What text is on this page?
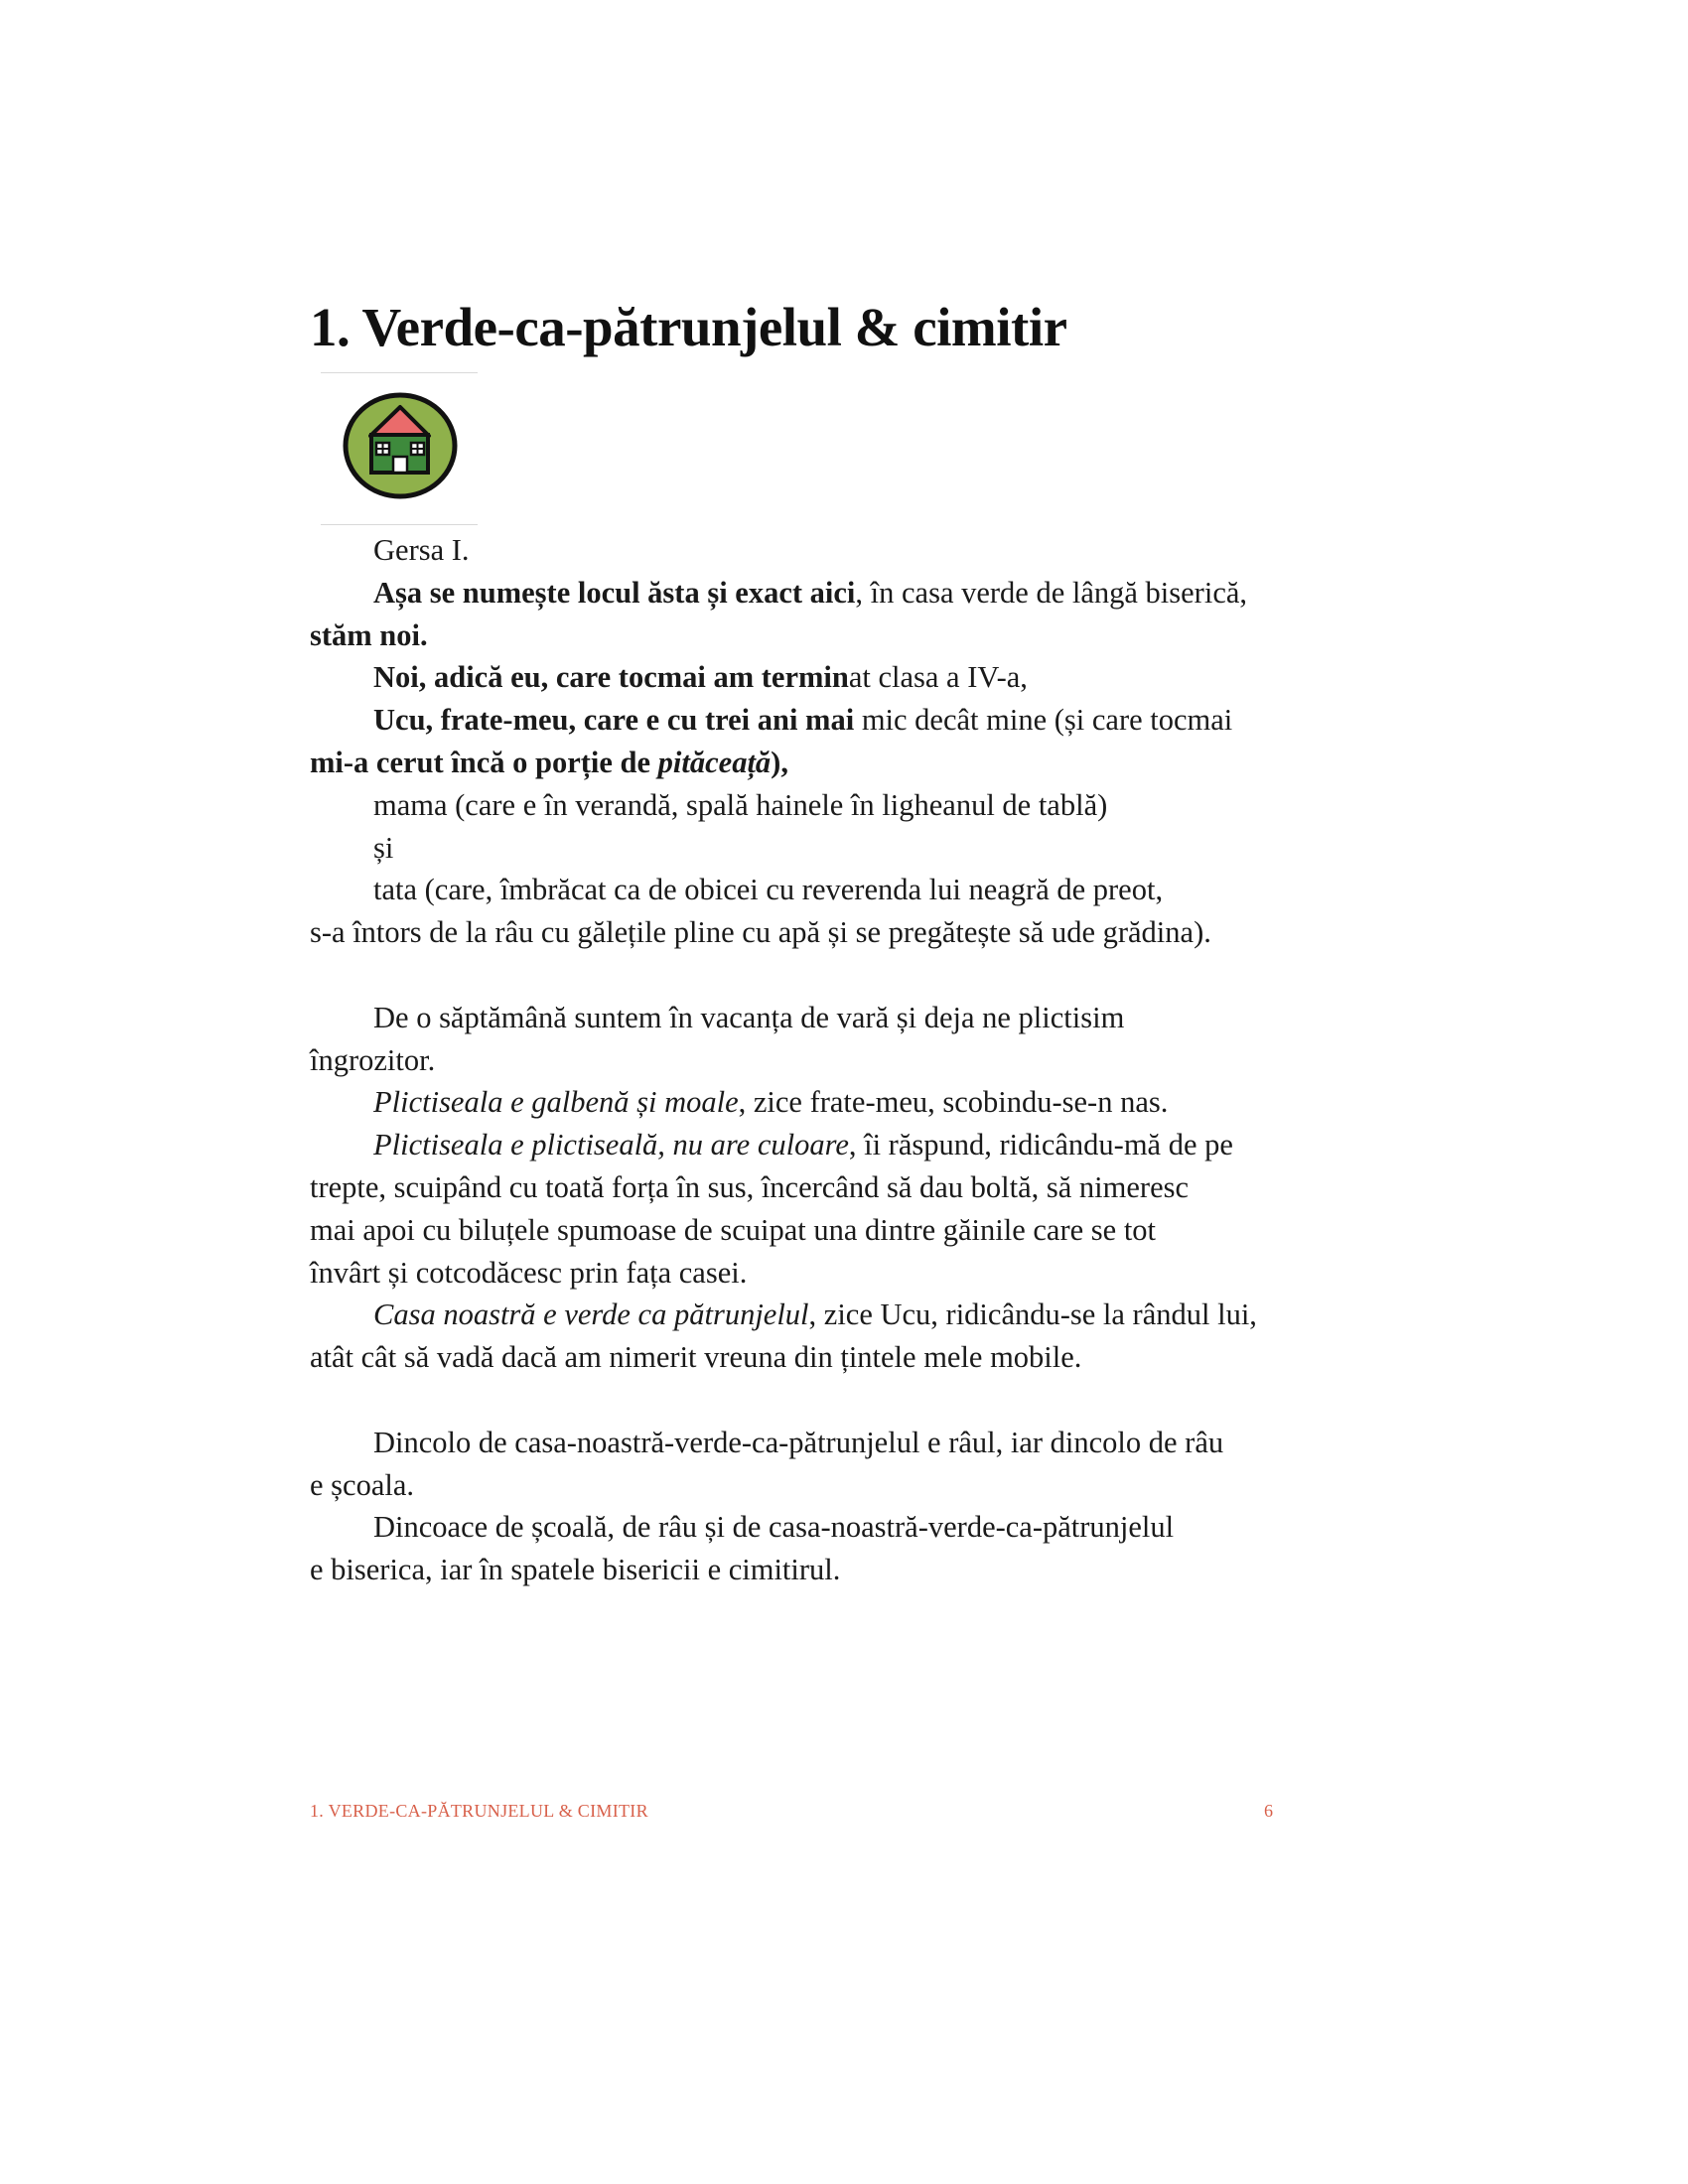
1. Verde-ca-pătrunjelul & cimitir
Gersa I.
Așa se numește locul ăsta și exact aici, în casa verde de lângă biserică,
stăm noi.
Noi, adică eu, care tocmai am terminat clasa a IV-a,
Ucu, frate-meu, care e cu trei ani mai mic decât mine (și care tocmai
mi-a cerut încă o porție de pităceață),
mama (care e în verandă, spală hainele în ligheanul de tablă)
și
tata (care, îmbrăcat ca de obicei cu reverenda lui neagră de preot,
s-a întors de la râu cu gălețile pline cu apă și se pregătește să ude grădina).
De o săptămână suntem în vacanța de vară și deja ne plictisim
îngrozitor.
Plictiseala e galbenă și moale, zice frate-meu, scobindu-se-n nas.
Plictiseala e plictiseală, nu are culoare, îi răspund, ridicându-mă de pe
trepte, scuipând cu toată forța în sus, încercând să dau boltă, să nimeresc
mai apoi cu biluțele spumoase de scuipat una dintre găinile care se tot
învârt și cotcodăcesc prin fața casei.
Casa noastră e verde ca pătrunjelul, zice Ucu, ridicându-se la rândul lui,
atât cât să vadă dacă am nimerit vreuna din țintele mele mobile.
Dincolo de casa-noastră-verde-ca-pătrunjelul e râul, iar dincolo de râu
e școala.
Dincoace de școală, de râu și de casa-noastră-verde-ca-pătrunjelul
e biserica, iar în spatele bisericii e cimitirul.
1. VERDE-CA-PĂTRUNJELUL & CIMITIR	6
